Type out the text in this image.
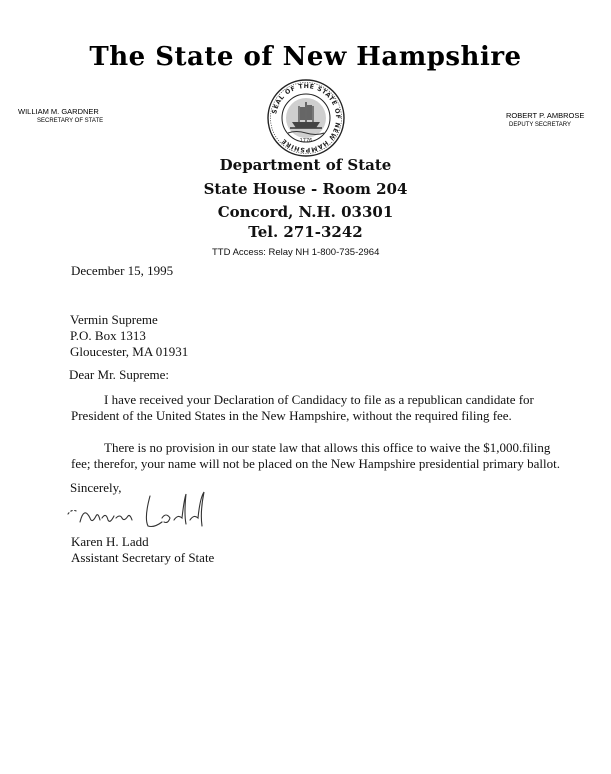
The State of New Hampshire
WILLIAM M. GARDNER
SECRETARY OF STATE
ROBERT P. AMBROSE
DEPUTY SECRETARY
SEAL OF THE STATE OF NEW HAMPSHIRE	1776
Department of State
State House - Room 204
Concord, N.H. 03301
Tel. 271-3242
TTD Access: Relay NH 1-800-735-2964
December 15, 1995
Vermin Supreme
P.O. Box 1313
Gloucester, MA 01931
Dear Mr. Supreme:
I have received your Declaration of Candidacy to file as a republican candidate for President of the United States in the New Hampshire, without the required filing fee.
There is no provision in our state law that allows this office to waive the $1,000.filing fee; therefor, your name will not be placed on the New Hampshire presidential primary ballot.
Sincerely,
Karen H. Ladd
Assistant Secretary of State
